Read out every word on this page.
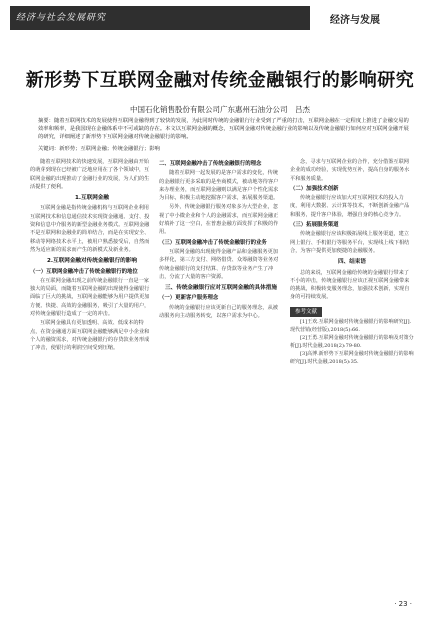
经济与社会发展研究	经济与发展
新形势下互联网金融对传统金融银行的影响研究
中国石化销售股份有限公司广东惠州石油分公司　吕杰
摘要：随着互联网技术的发展使得互联网金融得到了较快的发展，为此同时传统的金融银行行业受到了严重的打击，互联网金融在一定程度上推进了金融交易的效率和频率，是我国现在金融体系中不可或缺的存在。本文以互联网金融的概念，互联网金融对传统金融行业的影响以及传统金融银行如何应对互联网金融开展的研究，详细阐述了新形势下互联网金融对传统金融银行的影响。
关键词：新形势；互联网金融；传统金融银行；影响

随着互联网技术的快速发展，互联网金融由开始的萌芽到现在已经被广泛地应用在了各个领域中，互联网金融的出现推动了金融行业的发展，为人们的生活提供了便利。

1.互联网金融

互联网金融是指传统金融机构与互联网企业利用互联网技术和信息通信技术实现资金融通、支付、投资和信息中介服务的新型金融业务模式。互联网金融不是互联网和金融业的简单结合，而是在实现安全、移动等网络技术水平上，被用户熟悉接受后，自然而然为适应新的需求而产生的新模式及新业务。

2.互联网金融对传统金融银行的影响
（一）互联网金融冲击了传统金融银行的地位

在互联网金融出现之前传统金融银行一直是一家独大的局面，而随着互联网金融的出现使得金融银行面临了巨大的挑战，互联网金融能够为用户提供更加方便、快捷、高效的金融服务，吸引了大量的用户，对传统金融银行造成了一定的冲击。

互联网金融具有更加透明、高效、低成本的特点，在资金融通方面互联网金融能够满足中小企业和个人的融资需求，对传统金融银行的存贷款业务形成了冲击，使银行的利润空间受到压缩。

二、互联网金融冲击了传统金融银行的理念

随着互联网一起发展的是客户需求的变化，传统的金融银行更多采取的是坐商模式，被动地等待客户来办理业务，而互联网金融则以满足客户个性化需求为目标，积极主动地挖掘客户需求，拓展服务渠道。

另外，传统金融银行服务对象多为大型企业，忽视了中小微企业和个人的金融需求，而互联网金融正好填补了这一空白，在普惠金融方面发挥了积极的作用。

（三）互联网金融冲击了传统金融银行的业务

互联网金融的出现使得金融产品和金融服务更加多样化，第三方支付、网络借贷、众筹融资等业务对传统金融银行的支付结算、存贷款等业务产生了冲击，分流了大量的客户资源。

三、传统金融银行应对互联网金融的具体措施
（一）更新客户服务理念

传统的金融银行应该更新自己的服务理念，从被动服务向主动服务转变，以客户需求为中心。

念，寻求与互联网企业的合作，充分借鉴互联网企业的成功经验，实现优势互补，提高自身的服务水平和服务质量。

（二）加强技术创新

传统金融银行应该加大对互联网技术的投入力度，利用大数据、云计算等技术，不断创新金融产品和服务，提升客户体验，增强自身的核心竞争力。

（三）拓展服务渠道

传统金融银行应该积极拓展线上服务渠道，建立网上银行、手机银行等服务平台，实现线上线下相结合，为客户提供更加便捷的金融服务。

四、结束语

总的来说，互联网金融给传统的金融银行带来了不小的冲击，传统金融银行应该正视互联网金融带来的挑战，积极转变服务理念，加强技术创新，实现自身的可持续发展。

参考文献

[1]王欢.互联网金融对传统金融银行的影响研究[J].现代营销(经营版),2018(5):66.

[2]王勇.互联网金融对传统金融银行的影响及对策分析[J].时代金融,2018(2):79-80.

[3]高博.新形势下互联网金融对传统金融银行的影响研究[J].时代金融,2018(5):35.

· 23 ·
